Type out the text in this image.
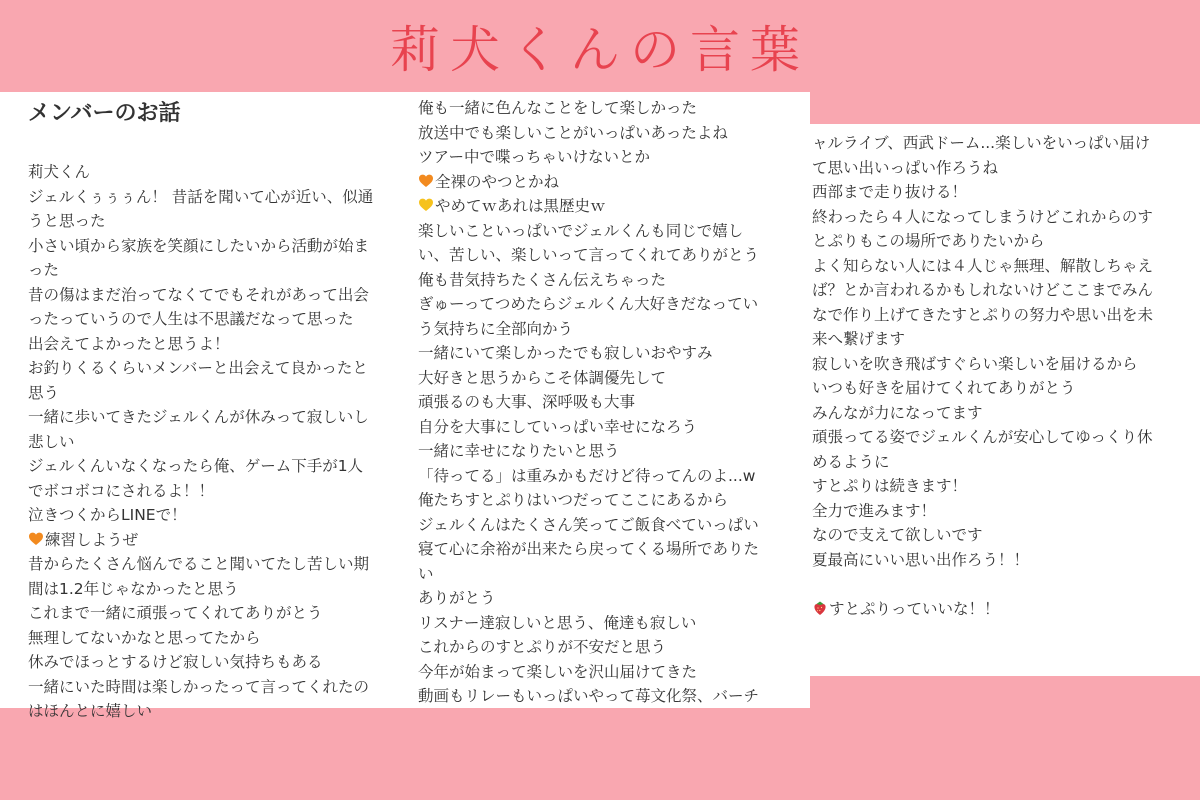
莉犬くんの言葉
メンバーのお話
莉犬くん
ジェルくぅぅぅん！ 昔話を聞いて心が近い、似通
うと思った
小さい頃から家族を笑顔にしたいから活動が始ま
った
昔の傷はまだ治ってなくてでもそれがあって出会
ったっていうので人生は不思議だなって思った
出会えてよかったと思うよ！
お釣りくるくらいメンバーと出会えて良かったと
思う
一緒に歩いてきたジェルくんが休みって寂しいし
悲しい
ジェルくんいなくなったら俺、ゲーム下手が1人
でボコボコにされるよ！！
泣きつくからLINEで！
練習しようぜ
昔からたくさん悩んでること聞いてたし苦しい期
間は1.2年じゃなかったと思う
これまで一緒に頑張ってくれてありがとう
無理してないかなと思ってたから
休みでほっとするけど寂しい気持ちもある
一緒にいた時間は楽しかったって言ってくれたの
はほんとに嬉しい
俺も一緒に色んなことをして楽しかった
放送中でも楽しいことがいっぱいあったよね
ツアー中で喋っちゃいけないとか
全裸のやつとかね
やめてｗあれは黒歴史ｗ
楽しいこといっぱいでジェルくんも同じで嬉し
い、苦しい、楽しいって言ってくれてありがとう
俺も昔気持ちたくさん伝えちゃった
ぎゅーってつめたらジェルくん大好きだなってい
う気持ちに全部向かう
一緒にいて楽しかったでも寂しいおやすみ
大好きと思うからこそ体調優先して
頑張るのも大事、深呼吸も大事
自分を大事にしていっぱい幸せになろう
一緒に幸せになりたいと思う
「待ってる」は重みかもだけど待ってんのよ...w
俺たちすとぷりはいつだってここにあるから
ジェルくんはたくさん笑ってご飯食べていっぱい
寝て心に余裕が出来たら戻ってくる場所でありた
い
ありがとう
リスナー達寂しいと思う、俺達も寂しい
これからのすとぷりが不安だと思う
今年が始まって楽しいを沢山届けてきた
動画もリレーもいっぱいやって苺文化祭、バーチ
ャルライブ、西武ドーム...楽しいをいっぱい届け
て思い出いっぱい作ろうね
西部まで走り抜ける！
終わったら４人になってしまうけどこれからのす
とぷりもこの場所でありたいから
よく知らない人には４人じゃ無理、解散しちゃえ
ば？とか言われるかもしれないけどここまでみん
なで作り上げてきたすとぷりの努力や思い出を未
来へ繋げます
寂しいを吹き飛ばすぐらい楽しいを届けるから
いつも好きを届けてくれてありがとう
みんなが力になってます
頑張ってる姿でジェルくんが安心してゆっくり休
めるように
すとぷりは続きます！
全力で進みます！
なので支えて欲しいです
夏最高にいい思い出作ろう！！
すとぷりっていいな！！
